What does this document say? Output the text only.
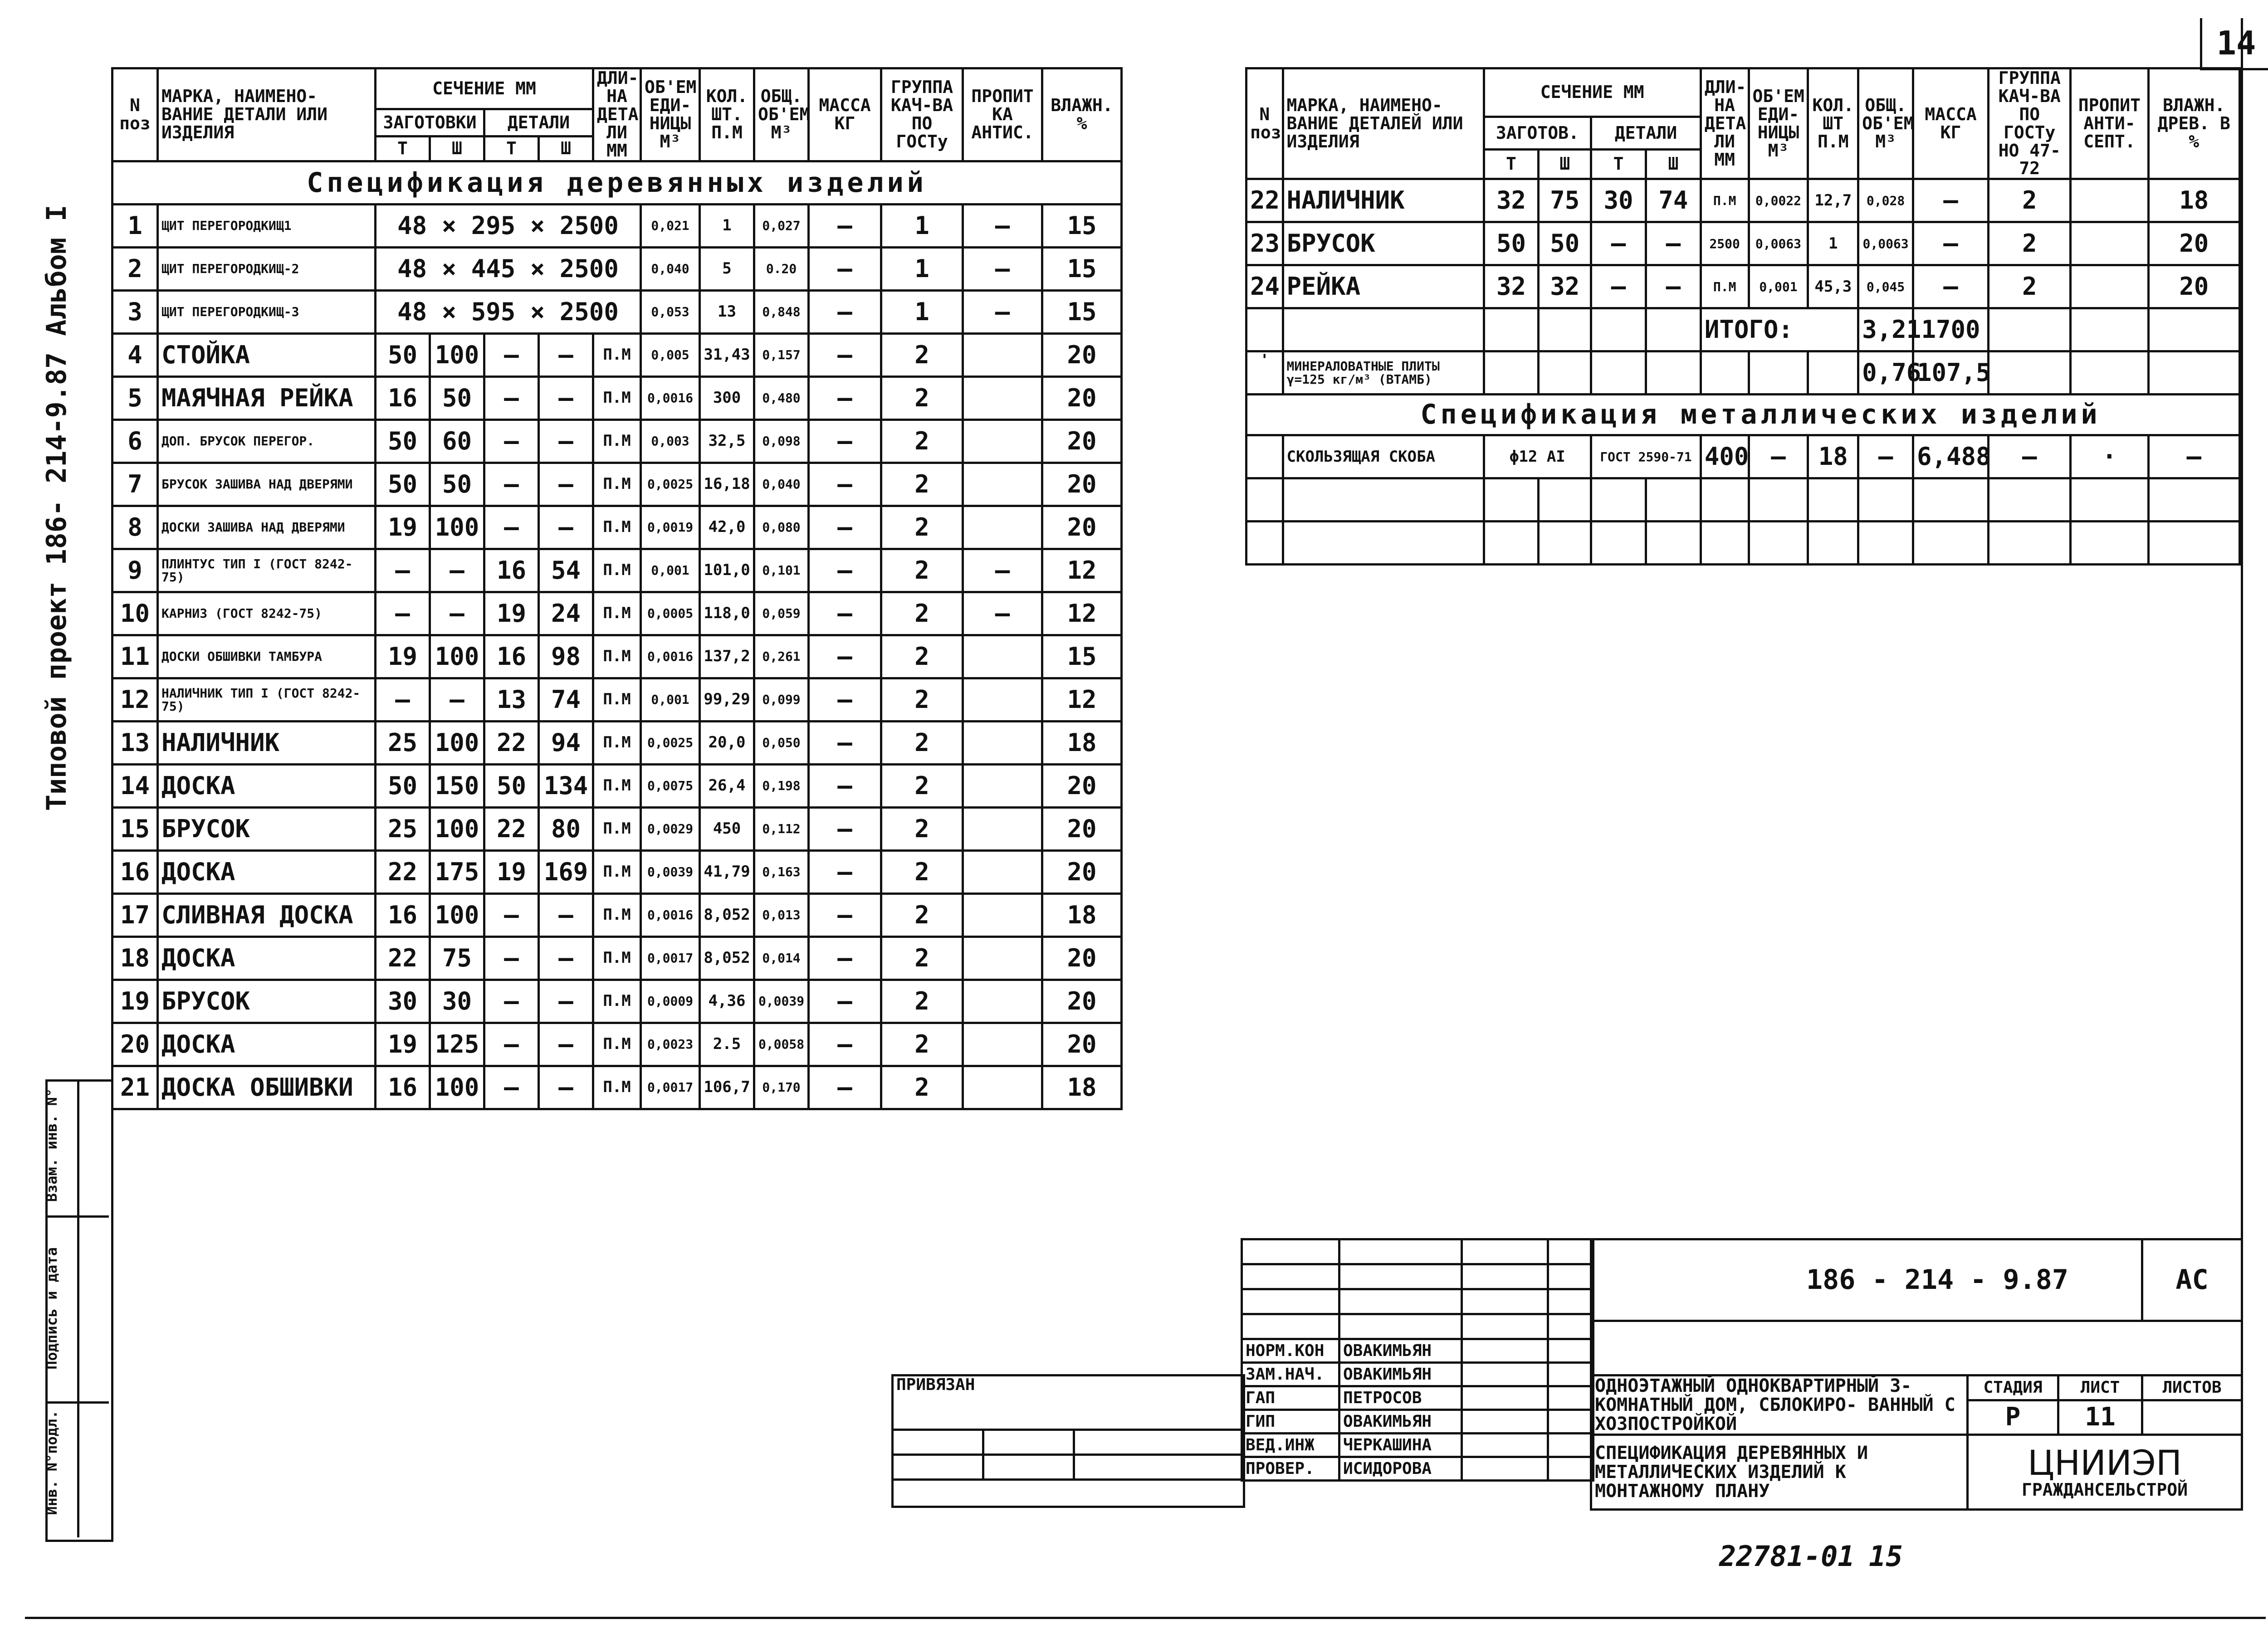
14
Типовой проект 186- 214-9.87 Альбом I
Инв. N°подл.
Подпись и дата
Взам. инв. N°
N поз	МАРКА, НАИМЕНО- ВАНИЕ ДЕТАЛИ ИЛИ ИЗДЕЛИЯ	СЕЧЕНИЕ ММ				ДЛИ- НА ДЕТА ЛИ ММ	ОБ'ЕМ ЕДИ- НИЦЫ М³	КОЛ. ШТ. П.М	ОБЩ. ОБ'ЕМ М³	МАССА КГ	ГРУППА КАЧ-ВА ПО ГОСТу	ПРОПИТ КА АНТИС.	ВЛАЖН. %
		ЗАГОТОВКИ		ДЕТАЛИ									
		Т	Ш	Т	Ш								
Спецификация деревянных изделий													
1	ЩИТ ПЕРЕГОРОДКИЩ1	48 × 295 × 2500					0,021	1	0,027	—	1	—	15
2	ЩИТ ПЕРЕГОРОДКИЩ-2	48 × 445 × 2500					0,040	5	0.20	—	1	—	15
3	ЩИТ ПЕРЕГОРОДКИЩ-3	48 × 595 × 2500					0,053	13	0,848	—	1	—	15
4	СТОЙКА	50	100	—	—	П.М	0,005	31,43	0,157	—	2		20
5	МАЯЧНАЯ РЕЙКА	16	50	—	—	П.М	0,0016	300	0,480	—	2		20
6	ДОП. БРУСОК ПЕРЕГОР.	50	60	—	—	П.М	0,003	32,5	0,098	—	2		20
7	БРУСОК ЗАШИВА НАД ДВЕРЯМИ	50	50	—	—	П.М	0,0025	16,18	0,040	—	2		20
8	ДОСКИ ЗАШИВА НАД ДВЕРЯМИ	19	100	—	—	П.М	0,0019	42,0	0,080	—	2		20
9	ПЛИНТУС ТИП I (ГОСТ 8242-75)	—	—	16	54	П.М	0,001	101,0	0,101	—	2	—	12
10	КАРНИЗ (ГОСТ 8242-75)	—	—	19	24	П.М	0,0005	118,0	0,059	—	2	—	12
11	ДОСКИ ОБШИВКИ ТАМБУРА	19	100	16	98	П.М	0,0016	137,2	0,261	—	2		15
12	НАЛИЧНИК ТИП I (ГОСТ 8242-75)	—	—	13	74	П.М	0,001	99,29	0,099	—	2		12
13	НАЛИЧНИК	25	100	22	94	П.М	0,0025	20,0	0,050	—	2		18
14	ДОСКА	50	150	50	134	П.М	0,0075	26,4	0,198	—	2		20
15	БРУСОК	25	100	22	80	П.М	0,0029	450	0,112	—	2		20
16	ДОСКА	22	175	19	169	П.М	0,0039	41,79	0,163	—	2		20
17	СЛИВНАЯ ДОСКА	16	100	—	—	П.М	0,0016	8,052	0,013	—	2		18
18	ДОСКА	22	75	—	—	П.М	0,0017	8,052	0,014	—	2		20
19	БРУСОК	30	30	—	—	П.М	0,0009	4,36	0,0039	—	2		20
20	ДОСКА	19	125	—	—	П.М	0,0023	2.5	0,0058	—	2		20
21	ДОСКА ОБШИВКИ	16	100	—	—	П.М	0,0017	106,7	0,170	—	2		18
N поз	МАРКА, НАИМЕНО- ВАНИЕ ДЕТАЛЕЙ ИЛИ ИЗДЕЛИЯ	СЕЧЕНИЕ ММ				ДЛИ- НА ДЕТА ЛИ ММ	ОБ'ЕМ ЕДИ- НИЦЫ М³	КОЛ. ШТ П.М	ОБЩ. ОБ'ЕМ М³	МАССА КГ	ГРУППА КАЧ-ВА ПО ГОСТу НО 47-72	ПРОПИТ АНТИ- СЕПТ.	ВЛАЖН. ДРЕВ. В %
		ЗАГОТОВ.		ДЕТАЛИ									
		Т	Ш	Т	Ш								
22	НАЛИЧНИК	32	75	30	74	П.М	0,0022	12,7	0,028	—	2		18
23	БРУСОК	50	50	—	—	2500	0,0063	1	0,0063	—	2		20
24	РЕЙКА	32	32	—	—	П.М	0,001	45,3	0,045	—	2		20
						ИТОГО:			3,21	1700			
'	МИНЕРАЛОВАТНЫЕ ПЛИТЫ γ=125 кг/м³ (ВТАМБ)								0,76	107,5			
	Спецификация металлических изделий												
	СКОЛЬЗЯЩАЯ СКОБА	ϕ12 АI		ГОСТ 2590-71		400	—	18	—	6,488	—	·	—

ПРИВЯЗАН		

НОРМ.КОН	ОВАКИМЬЯН		
ЗАМ.НАЧ.	ОВАКИМЬЯН		
ГАП	ПЕТРОСОВ		
ГИП	ОВАКИМЬЯН		
ВЕД.ИНЖ	ЧЕРКАШИНА		
ПРОВЕР.	ИСИДОРОВА		
186 - 214 - 9.87			АС

ОДНОЭТАЖНЫЙ ОДНОКВАРТИРНЫЙ 3-КОМНАТНЫЙ ДОМ, СБЛОКИРО- ВАННЫЙ С ХОЗПОСТРОЙКОЙ	СТАДИЯ	ЛИСТ	ЛИСТОВ
	Р	11	

СПЕЦИФИКАЦИЯ ДЕРЕВЯННЫХ И МЕТАЛЛИЧЕСКИХ ИЗДЕЛИЙ К МОНТАЖНОМУ ПЛАНУ	ЦНИИЭП
ГРАЖДАНСЕЛЬСТРОЙ		
22781-01 15
